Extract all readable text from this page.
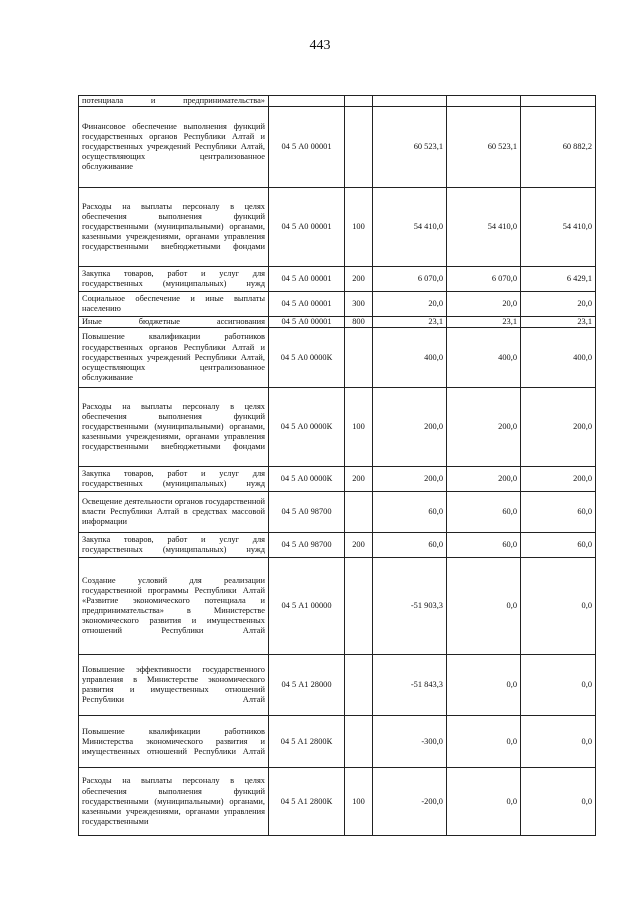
443
потенциала и предпринимательства»					
Финансовое обеспечение выполнения функций государственных органов Республики Алтай и государственных учреждений Республики Алтай, осуществляющих централизованное обслуживание	04 5 А0 00001		60 523,1	60 523,1	60 882,2
Расходы на выплаты персоналу в целях обеспечения выполнения функций государственными (муниципальными) органами, казенными учреждениями, органами управления государственными внебюджетными фондами	04 5 А0 00001	100	54 410,0	54 410,0	54 410,0
Закупка товаров, работ и услуг для государственных (муниципальных) нужд	04 5 А0 00001	200	6 070,0	6 070,0	6 429,1
Социальное обеспечение и иные выплаты населению	04 5 А0 00001	300	20,0	20,0	20,0
Иные бюджетные ассигнования	04 5 А0 00001	800	23,1	23,1	23,1
Повышение квалификации работников государственных органов Республики Алтай и государственных учреждений Республики Алтай, осуществляющих централизованное обслуживание	04 5 А0 0000К		400,0	400,0	400,0
Расходы на выплаты персоналу в целях обеспечения выполнения функций государственными (муниципальными) органами, казенными учреждениями, органами управления государственными внебюджетными фондами	04 5 А0 0000К	100	200,0	200,0	200,0
Закупка товаров, работ и услуг для государственных (муниципальных) нужд	04 5 А0 0000К	200	200,0	200,0	200,0
Освещение деятельности органов государственной власти Республики Алтай в средствах массовой информации	04 5 А0 98700		60,0	60,0	60,0
Закупка товаров, работ и услуг для государственных (муниципальных) нужд	04 5 А0 98700	200	60,0	60,0	60,0
Создание условий для реализации государственной программы Республики Алтай «Развитие экономического потенциала и предпринимательства» в Министерстве экономического развития и имущественных отношений Республики Алтай	04 5 А1 00000		-51 903,3	0,0	0,0
Повышение эффективности государственного управления в Министерстве экономического развития и имущественных отношений Республики Алтай	04 5 А1 28000		-51 843,3	0,0	0,0
Повышение квалификации работников Министерства экономического развития и имущественных отношений Республики Алтай	04 5 А1 2800К		-300,0	0,0	0,0
Расходы на выплаты персоналу в целях обеспечения выполнения функций государственными (муниципальными) органами, казенными учреждениями, органами управления государственными	04 5 А1 2800К	100	-200,0	0,0	0,0
